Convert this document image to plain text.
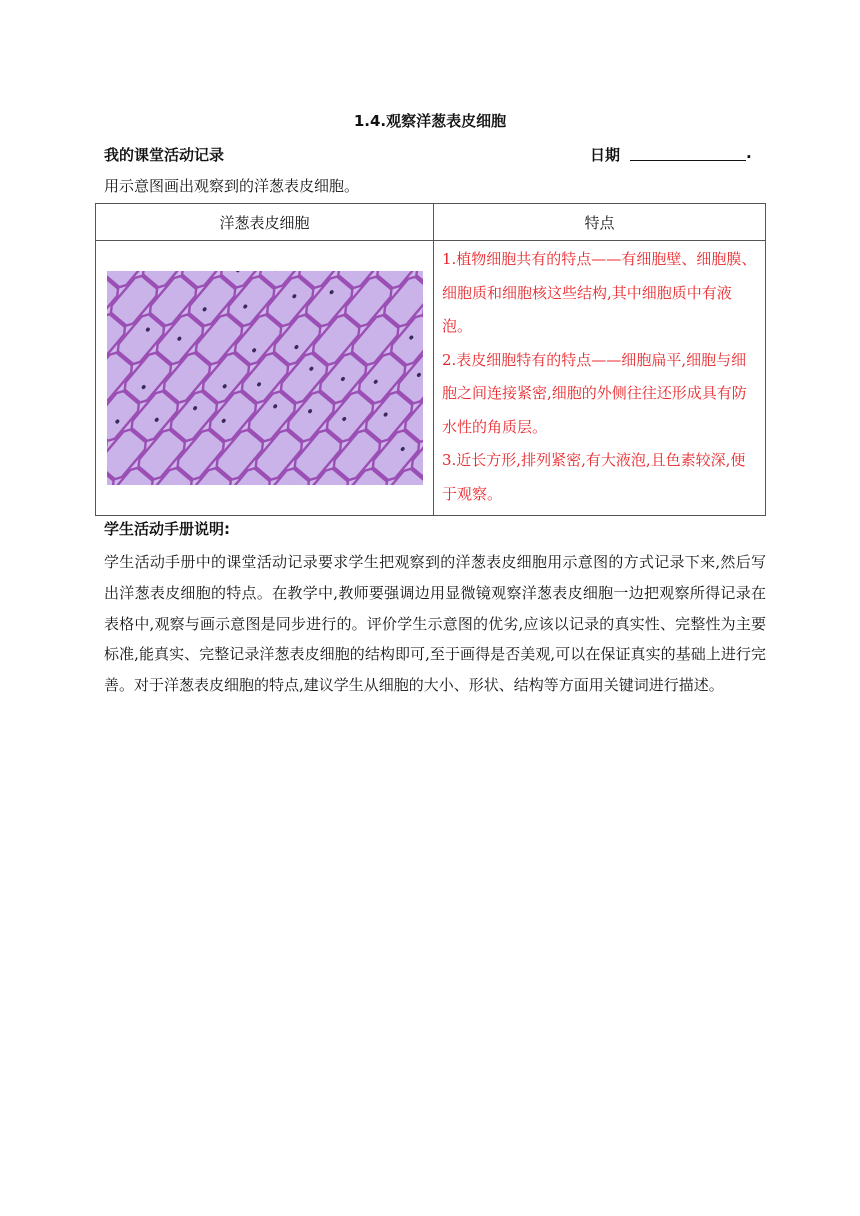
1.4.观察洋葱表皮细胞
我的课堂活动记录	日期	.
用示意图画出观察到的洋葱表皮细胞。
洋葱表皮细胞	特点

1.植物细胞共有的特点——有细胞壁、细胞膜、细胞质和细胞核这些结构,其中细胞质中有液泡。

2.表皮细胞特有的特点——细胞扁平,细胞与细胞之间连接紧密,细胞的外侧往往还形成具有防水性的角质层。

3.近长方形,排列紧密,有大液泡,且色素较深,便于观察。

学生活动手册说明:
学生活动手册中的课堂活动记录要求学生把观察到的洋葱表皮细胞用示意图的方式记录下来,然后写出洋葱表皮细胞的特点。在教学中,教师要强调边用显微镜观察洋葱表皮细胞一边把观察所得记录在表格中,观察与画示意图是同步进行的。评价学生示意图的优劣,应该以记录的真实性、完整性为主要标准,能真实、完整记录洋葱表皮细胞的结构即可,至于画得是否美观,可以在保证真实的基础上进行完善。对于洋葱表皮细胞的特点,建议学生从细胞的大小、形状、结构等方面用关键词进行描述。
